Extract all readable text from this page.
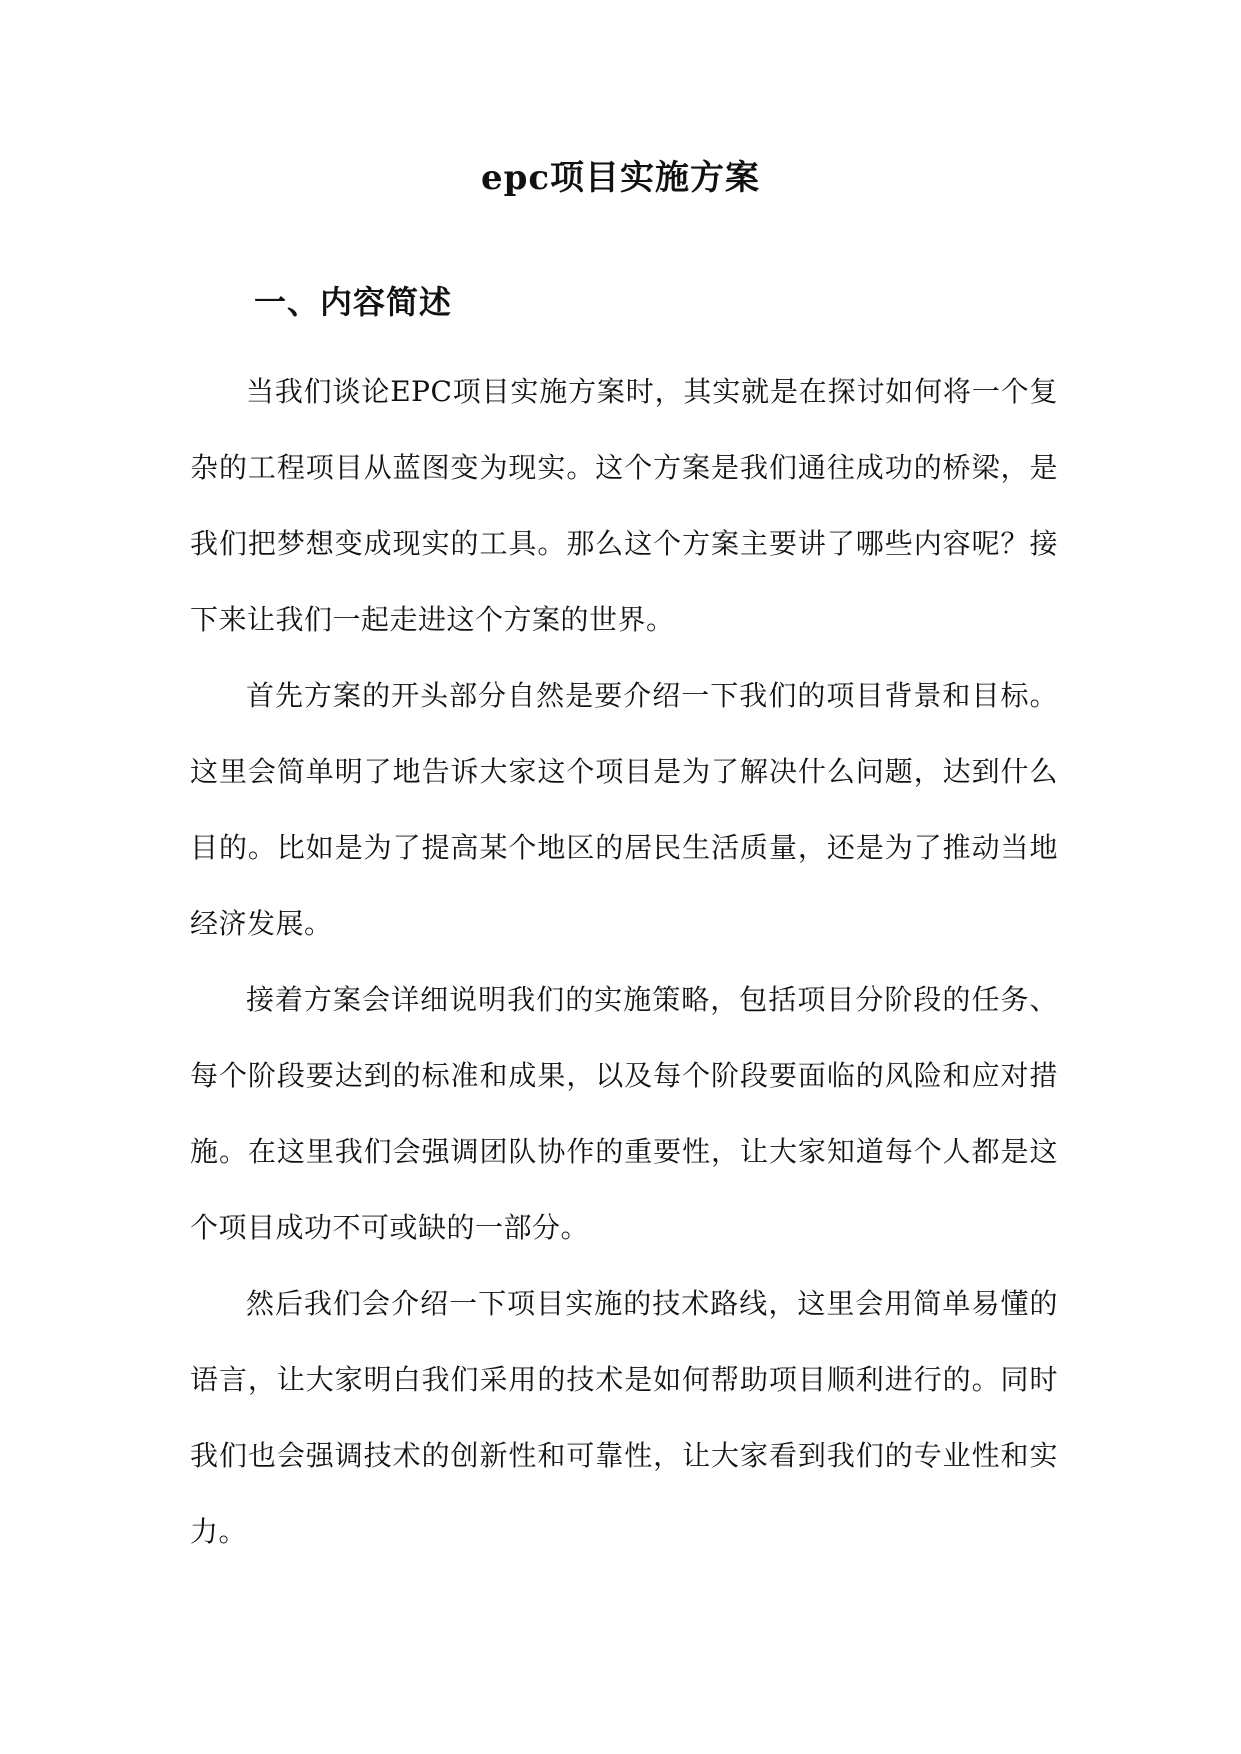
epc项目实施方案
一、内容简述

当我们谈论EPC项目实施方案时，其实就是在探讨如何将一个复杂的工程项目从蓝图变为现实。这个方案是我们通往成功的桥梁，是我们把梦想变成现实的工具。那么这个方案主要讲了哪些内容呢？接下来让我们一起走进这个方案的世界。

首先方案的开头部分自然是要介绍一下我们的项目背景和目标。这里会简单明了地告诉大家这个项目是为了解决什么问题，达到什么目的。比如是为了提高某个地区的居民生活质量，还是为了推动当地经济发展。

接着方案会详细说明我们的实施策略，包括项目分阶段的任务、每个阶段要达到的标准和成果，以及每个阶段要面临的风险和应对措施。在这里我们会强调团队协作的重要性，让大家知道每个人都是这个项目成功不可或缺的一部分。

然后我们会介绍一下项目实施的技术路线，这里会用简单易懂的语言，让大家明白我们采用的技术是如何帮助项目顺利进行的。同时我们也会强调技术的创新性和可靠性，让大家看到我们的专业性和实力。
